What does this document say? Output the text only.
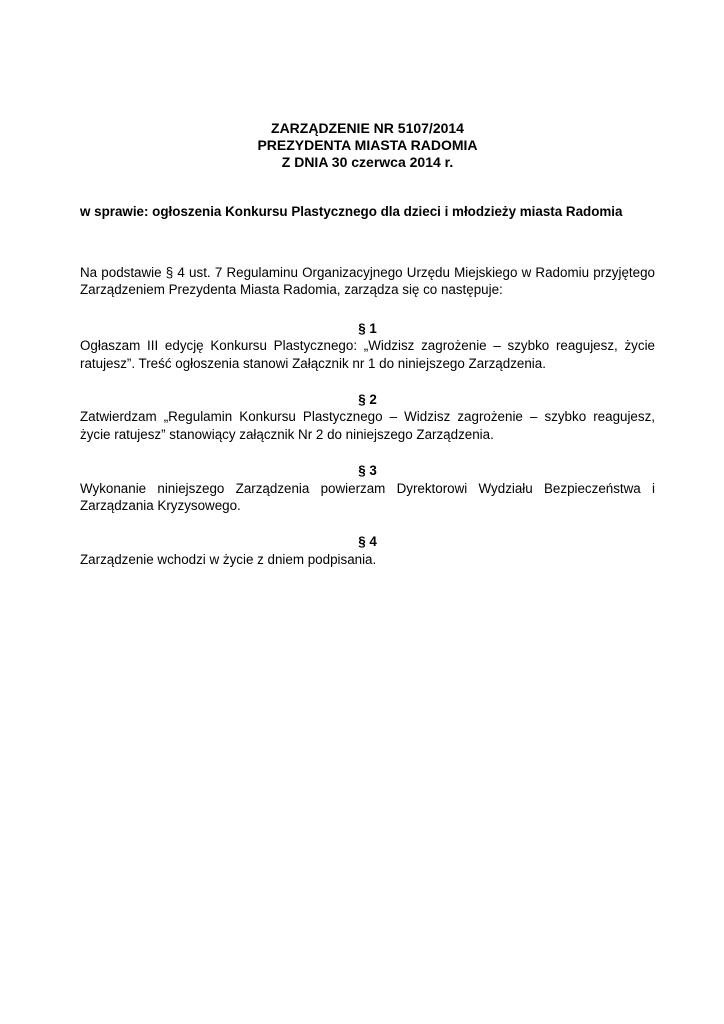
ZARZĄDZENIE NR 5107/2014
PREZYDENTA MIASTA RADOMIA
Z DNIA 30 czerwca 2014 r.
w sprawie: ogłoszenia Konkursu Plastycznego dla dzieci i młodzieży miasta Radomia

Na podstawie § 4 ust. 7 Regulaminu Organizacyjnego Urzędu Miejskiego w Radomiu przyjętego Zarządzeniem Prezydenta Miasta Radomia, zarządza się co następuje:

§ 1

Ogłaszam III edycję Konkursu Plastycznego: „Widzisz zagrożenie – szybko reagujesz, życie ratujesz”. Treść ogłoszenia stanowi Załącznik nr 1 do niniejszego Zarządzenia.

§ 2

Zatwierdzam „Regulamin Konkursu Plastycznego – Widzisz zagrożenie – szybko reagujesz, życie ratujesz” stanowiący załącznik Nr 2 do niniejszego Zarządzenia.

§ 3

Wykonanie niniejszego Zarządzenia powierzam Dyrektorowi Wydziału Bezpieczeństwa i Zarządzania Kryzysowego.

§ 4

Zarządzenie wchodzi w życie z dniem podpisania.
